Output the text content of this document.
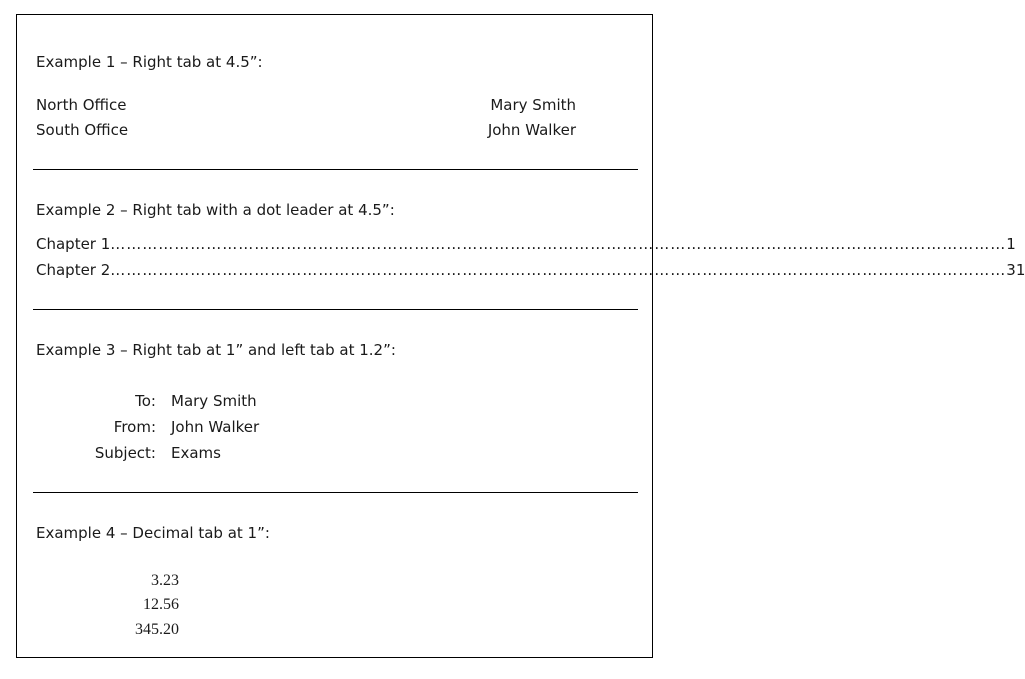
Example 1 – Right tab at 4.5”:
North Office	Mary Smith
South Office	John Walker
Example 2 – Right tab with a dot leader at 4.5”:
Chapter 1 …………………………………………………………………………………………………………………………………………………… 1
Chapter 2 …………………………………………………………………………………………………………………………………………………… 31
Example 3 – Right tab at 1” and left tab at 1.2”:
To: Mary Smith
From: John Walker
Subject: Exams
Example 4 – Decimal tab at 1”:
3.23
12.56
345.20
